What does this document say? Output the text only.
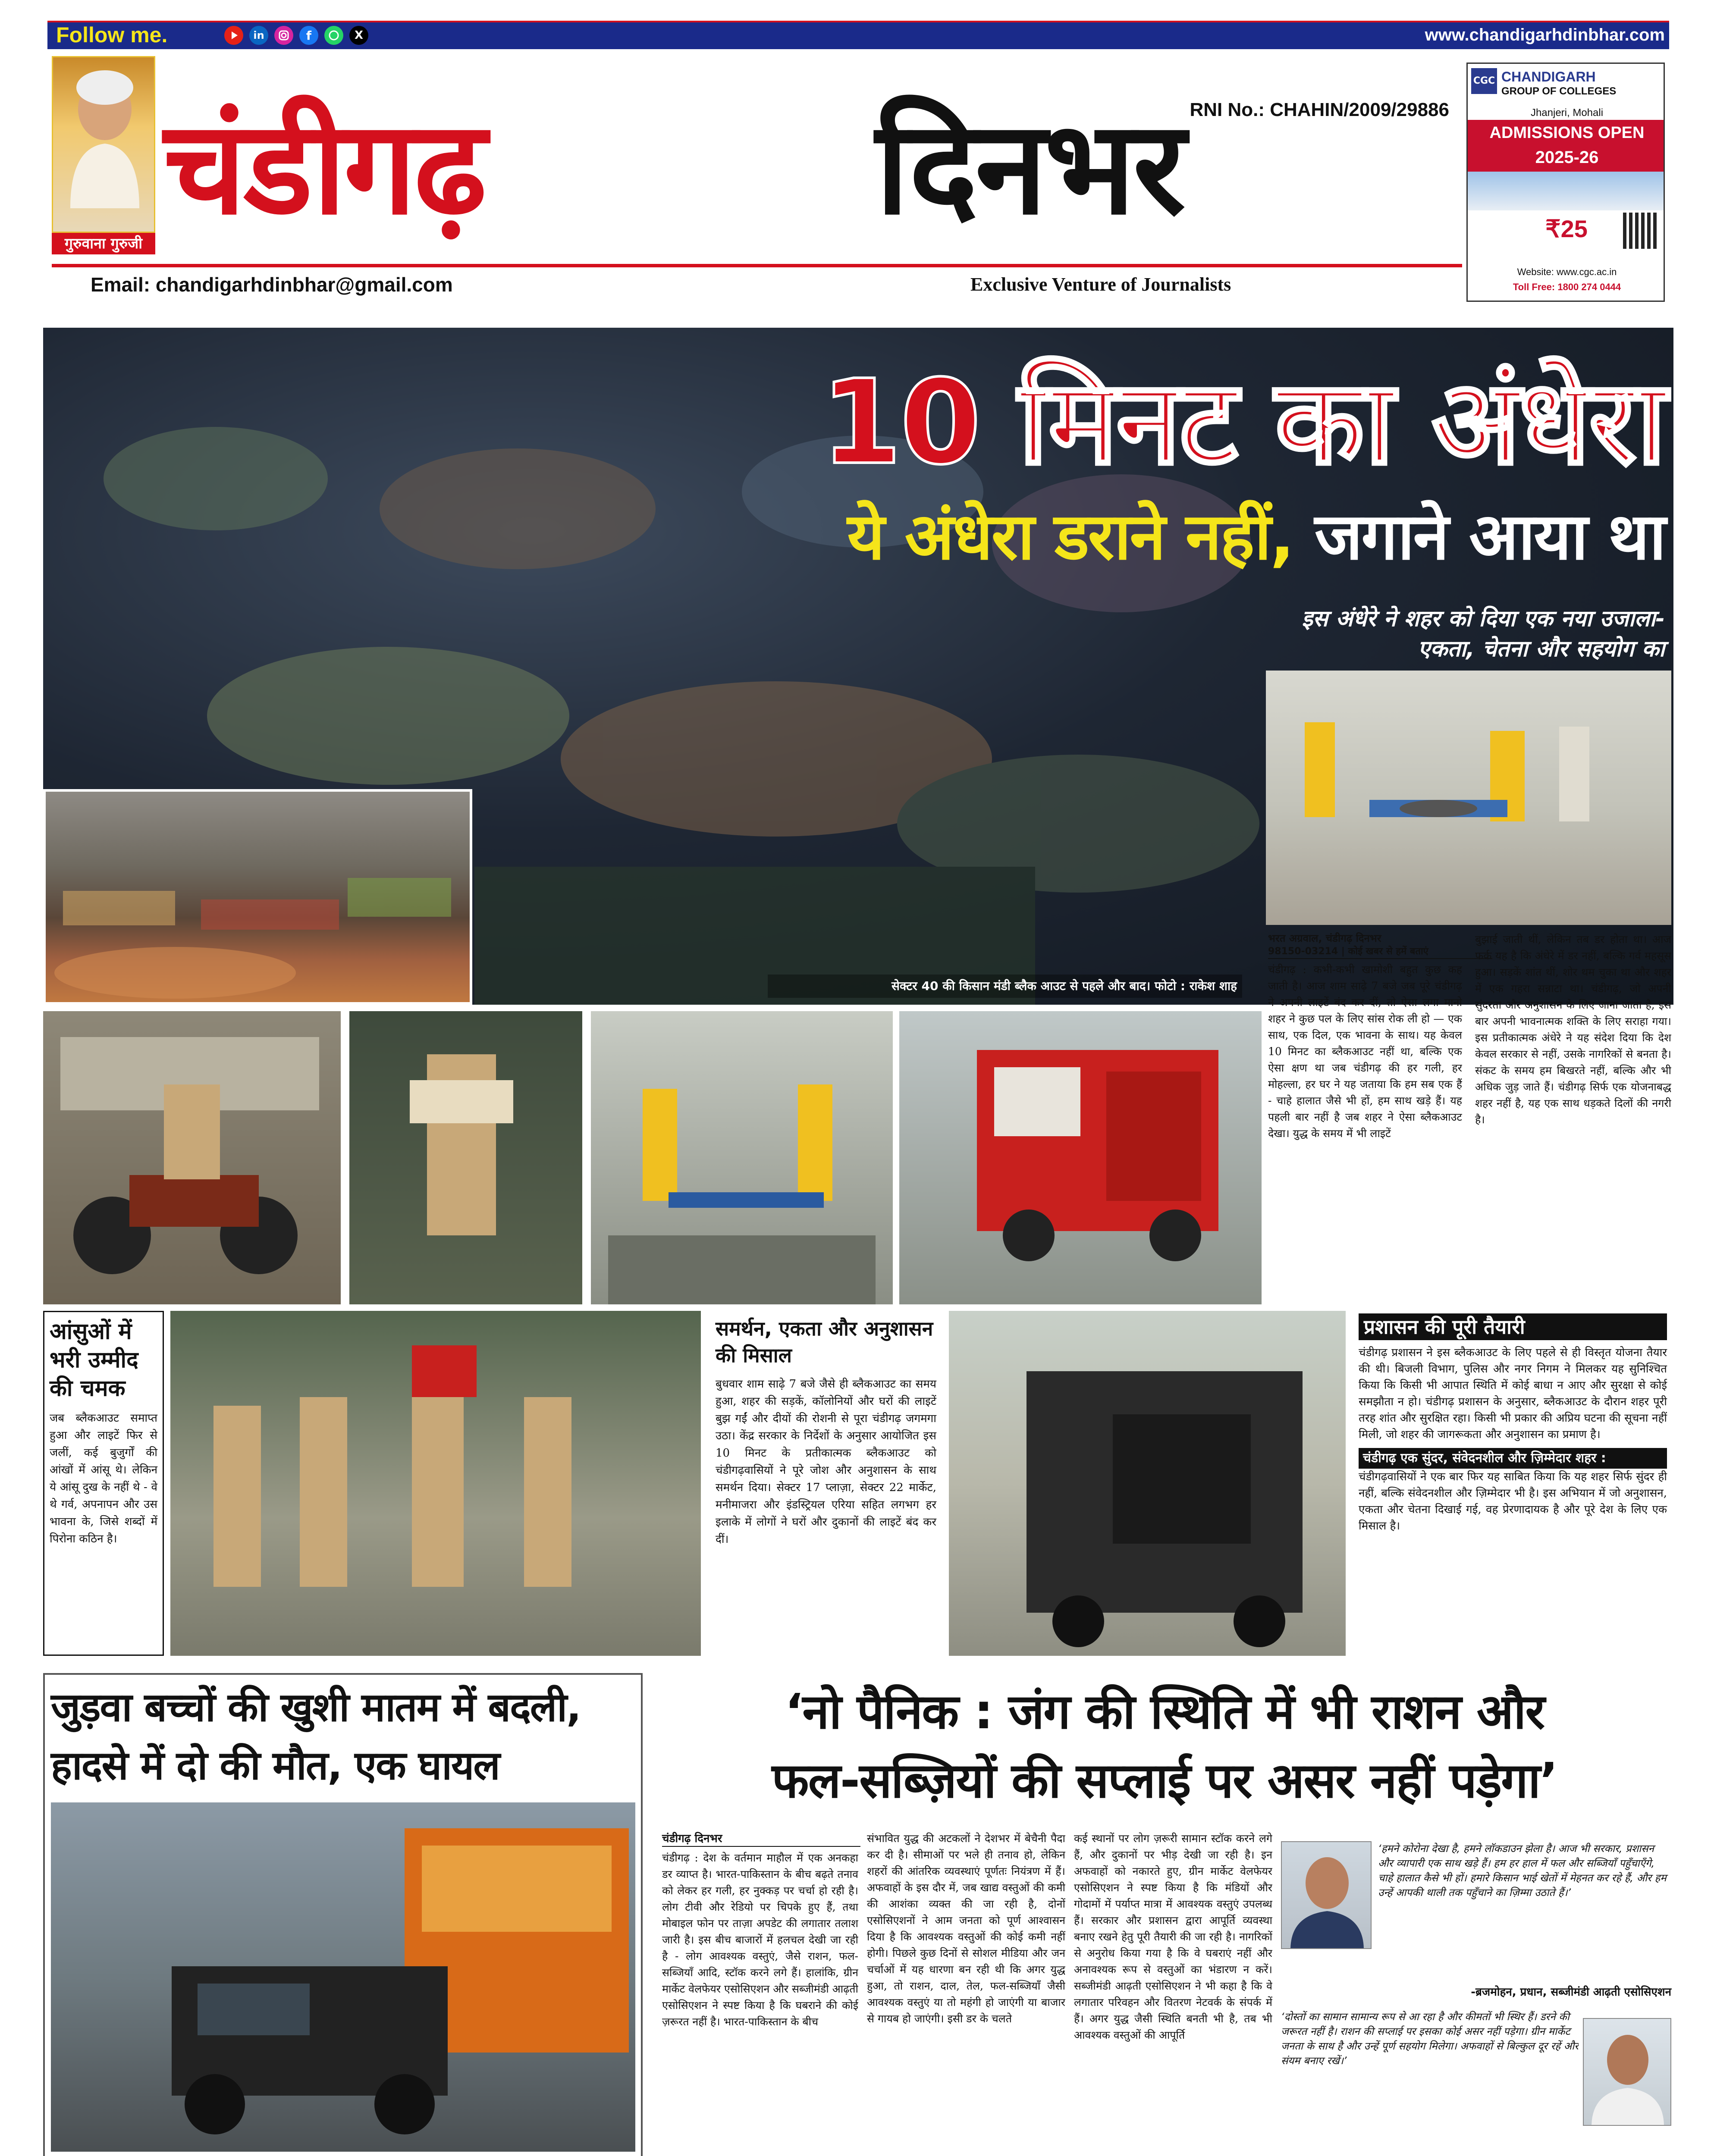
Follow me.	in	f	X	www.chandigarhdinbhar.com
गुरुवाना गुरुजी
चंडीगढ़	दिनभर RNI No.: CHAHIN/2009/29886
Email: chandigarhdinbhar@gmail.com	Exclusive Venture of Journalists
CGC CHANDIGARH
GROUP OF COLLEGES
Jhanjeri, Mohali
ADMISSIONS OPEN
2025-26
₹25
Website: www.cgc.ac.in
Toll Free: 1800 274 0444
10 मिनट का अंधेरा
ये अंधेरा डराने नहीं, जगाने आया था
इस अंधेरे ने शहर को दिया एक नया उजाला- एकता, चेतना और सहयोग का
सेक्टर 40 की किसान मंडी ब्लैक आउट से पहले और बाद। फोटो : राकेश शाह
भरत अग्रवाल, चंडीगढ़ दिनभर
98150-03214 | कोई खबर से हमें बताएं
चंडीगढ़ : कभी-कभी खामोशी बहुत कुछ कह जाती है। आज शाम साढ़े 7 बजे जब पूरे चंडीगढ़ ने अपनी लाइटें बंद कर दीं, तो ऐसा लगा मानो शहर ने कुछ पल के लिए सांस रोक ली हो — एक साथ, एक दिल, एक भावना के साथ। यह केवल 10 मिनट का ब्लैकआउट नहीं था, बल्कि एक ऐसा क्षण था जब चंडीगढ़ की हर गली, हर मोहल्ला, हर घर ने यह जताया कि हम सब एक हैं - चाहे हालात जैसे भी हों, हम साथ खड़े हैं। यह पहली बार नहीं है जब शहर ने ऐसा ब्लैकआउट देखा। युद्ध के समय में भी लाइटें
बुझाई जाती थीं, लेकिन तब डर होता था। आज फर्क यह है कि अंधेरे में डर नहीं, बल्कि गर्व महसूस हुआ। सड़कें शांत थीं, शोर थम चुका था और शहर में एक गहरा सन्नाटा था। चंडीगढ़, जो अपनी सुंदरता और अनुशासन के लिए जाना जाता है, इस बार अपनी भावनात्मक शक्ति के लिए सराहा गया। इस प्रतीकात्मक अंधेरे ने यह संदेश दिया कि देश केवल सरकार से नहीं, उसके नागरिकों से बनता है। संकट के समय हम बिखरते नहीं, बल्कि और भी अधिक जुड़ जाते हैं। चंडीगढ़ सिर्फ एक योजनाबद्ध शहर नहीं है, यह एक साथ धड़कते दिलों की नगरी है।
आंसुओं में भरी उम्मीद की चमक
जब ब्लैकआउट समाप्त हुआ और लाइटें फिर से जलीं, कई बुजुर्गों की आंखों में आंसू थे। लेकिन ये आंसू दुख के नहीं थे - वे थे गर्व, अपनापन और उस भावना के, जिसे शब्दों में पिरोना कठिन है।
समर्थन, एकता और अनुशासन की मिसाल
बुधवार शाम साढ़े 7 बजे जैसे ही ब्लैकआउट का समय हुआ, शहर की सड़कें, कॉलोनियों और घरों की लाइटें बुझ गईं और दीयों की रोशनी से पूरा चंडीगढ़ जगमगा उठा। केंद्र सरकार के निर्देशों के अनुसार आयोजित इस 10 मिनट के प्रतीकात्मक ब्लैकआउट को चंडीगढ़वासियों ने पूरे जोश और अनुशासन के साथ समर्थन दिया। सेक्टर 17 प्लाज़ा, सेक्टर 22 मार्केट, मनीमाजरा और इंडस्ट्रियल एरिया सहित लगभग हर इलाके में लोगों ने घरों और दुकानों की लाइटें बंद कर दीं।
प्रशासन की पूरी तैयारी
चंडीगढ़ प्रशासन ने इस ब्लैकआउट के लिए पहले से ही विस्तृत योजना तैयार की थी। बिजली विभाग, पुलिस और नगर निगम ने मिलकर यह सुनिश्चित किया कि किसी भी आपात स्थिति में कोई बाधा न आए और सुरक्षा से कोई समझौता न हो। चंडीगढ़ प्रशासन के अनुसार, ब्लैकआउट के दौरान शहर पूरी तरह शांत और सुरक्षित रहा। किसी भी प्रकार की अप्रिय घटना की सूचना नहीं मिली, जो शहर की जागरूकता और अनुशासन का प्रमाण है।
चंडीगढ़ एक सुंदर, संवेदनशील और ज़िम्मेदार शहर :
चंडीगढ़वासियों ने एक बार फिर यह साबित किया कि यह शहर सिर्फ सुंदर ही नहीं, बल्कि संवेदनशील और ज़िम्मेदार भी है। इस अभियान में जो अनुशासन, एकता और चेतना दिखाई गई, वह प्रेरणादायक है और पूरे देश के लिए एक मिसाल है।
जुड़वा बच्चों की खुशी मातम में बदली,
हादसे में दो की मौत, एक घायल
‘नो पैनिक : जंग की स्थिति में भी राशन और
फल-सब्ज़ियों की सप्लाई पर असर नहीं पड़ेगा’
चंडीगढ़ दिनभर
चंडीगढ़ : देश के वर्तमान माहौल में एक अनकहा डर व्याप्त है। भारत-पाकिस्तान के बीच बढ़ते तनाव को लेकर हर गली, हर नुक्कड़ पर चर्चा हो रही है। लोग टीवी और रेडियो पर चिपके हुए हैं, तथा मोबाइल फोन पर ताज़ा अपडेट की लगातार तलाश जारी है। इस बीच बाजारों में हलचल देखी जा रही है - लोग आवश्यक वस्तुएं, जैसे राशन, फल-सब्जियाँ आदि, स्टॉक करने लगे हैं। हालांकि, ग्रीन मार्केट वेलफेयर एसोसिएशन और सब्जीमंडी आढ़ती एसोसिएशन ने स्पष्ट किया है कि घबराने की कोई ज़रूरत नहीं है। भारत-पाकिस्तान के बीच
संभावित युद्ध की अटकलों ने देशभर में बेचैनी पैदा कर दी है। सीमाओं पर भले ही तनाव हो, लेकिन शहरों की आंतरिक व्यवस्थाएं पूर्णतः नियंत्रण में हैं। अफवाहों के इस दौर में, जब खाद्य वस्तुओं की कमी की आशंका व्यक्त की जा रही है, दोनों एसोसिएशनों ने आम जनता को पूर्ण आश्वासन दिया है कि आवश्यक वस्तुओं की कोई कमी नहीं होगी। पिछले कुछ दिनों से सोशल मीडिया और जन चर्चाओं में यह धारणा बन रही थी कि अगर युद्ध हुआ, तो राशन, दाल, तेल, फल-सब्जियाँ जैसी आवश्यक वस्तुएं या तो महंगी हो जाएंगी या बाजार से गायब हो जाएंगी। इसी डर के चलते
कई स्थानों पर लोग ज़रूरी सामान स्टॉक करने लगे हैं, और दुकानों पर भीड़ देखी जा रही है। इन अफवाहों को नकारते हुए, ग्रीन मार्केट वेलफेयर एसोसिएशन ने स्पष्ट किया है कि मंडियों और गोदामों में पर्याप्त मात्रा में आवश्यक वस्तुएं उपलब्ध हैं। सरकार और प्रशासन द्वारा आपूर्ति व्यवस्था बनाए रखने हेतु पूरी तैयारी की जा रही है। नागरिकों से अनुरोध किया गया है कि वे घबराएं नहीं और अनावश्यक रूप से वस्तुओं का भंडारण न करें। सब्जीमंडी आढ़ती एसोसिएशन ने भी कहा है कि वे लगातार परिवहन और वितरण नेटवर्क के संपर्क में हैं। अगर युद्ध जैसी स्थिति बनती भी है, तब भी आवश्यक वस्तुओं की आपूर्ति
‘हमने कोरोना देखा है, हमने लॉकडाउन झेला है। आज भी सरकार, प्रशासन और व्यापारी एक साथ खड़े हैं। हम हर हाल में फल और सब्जियाँ पहुँचाएँगे, चाहे हालात कैसे भी हों। हमारे किसान भाई खेतों में मेहनत कर रहे हैं, और हम उन्हें आपकी थाली तक पहुँचाने का ज़िम्मा उठाते हैं।’
-ब्रजमोहन, प्रधान, सब्जीमंडी आढ़ती एसोसिएशन
‘दोस्तों का सामान सामान्य रूप से आ रहा है और कीमतों भी स्थिर हैं। डरने की जरूरत नहीं है। राशन की सप्लाई पर इसका कोई असर नहीं पड़ेगा। ग्रीन मार्केट जनता के साथ है और उन्हें पूर्ण सहयोग मिलेगा। अफवाहों से बिल्कुल दूर रहें और संयम बनाए रखें।’
